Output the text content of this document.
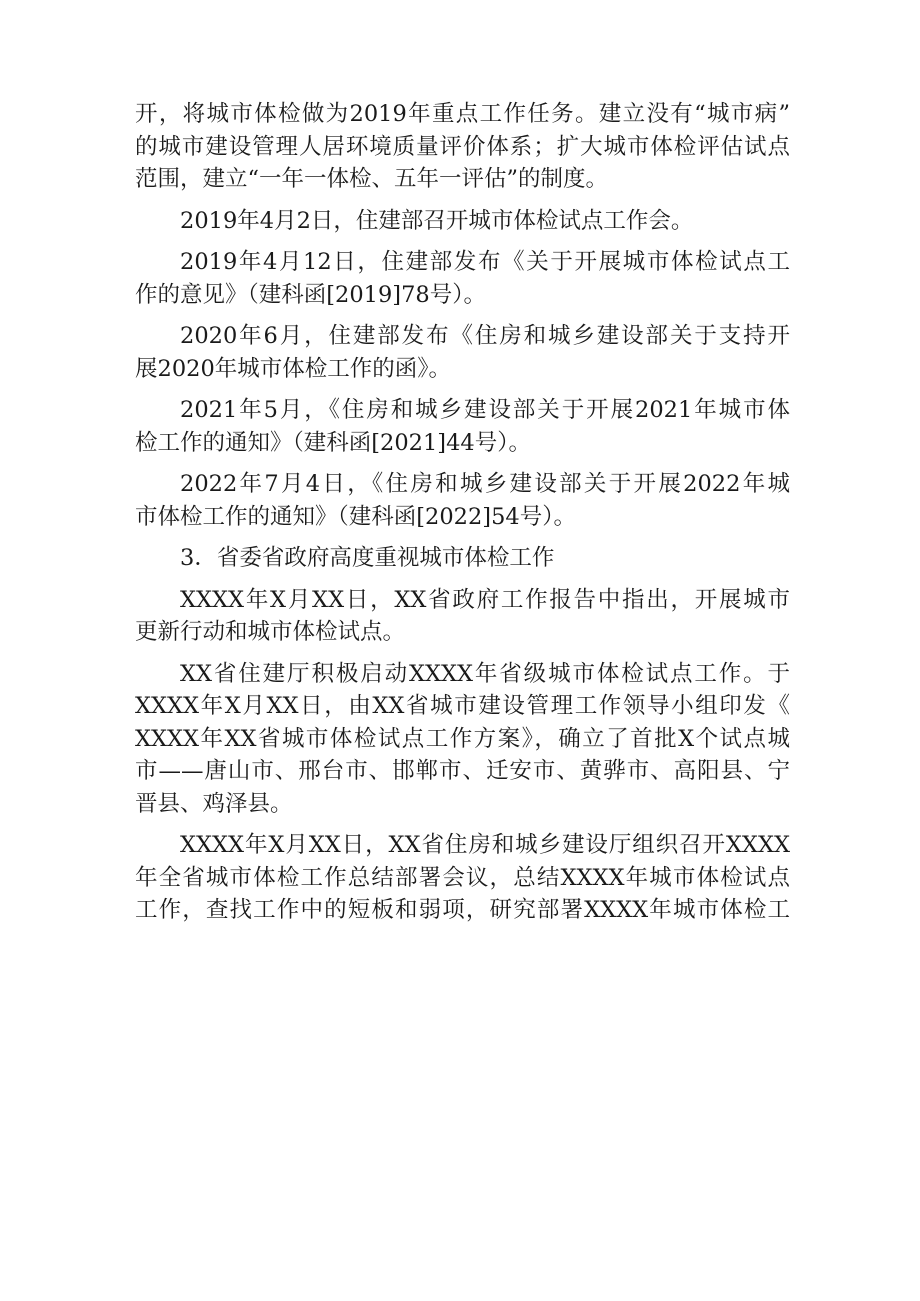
开，将城市体检做为2019年重点工作任务。建立没有“城市病”
的城市建设管理人居环境质量评价体系；扩大城市体检评估试点
范围，建立“一年一体检、五年一评估”的制度。

2019年4月2日，住建部召开城市体检试点工作会。

2019年4月12日，住建部发布《关于开展城市体检试点工
作的意见》（建科函[2019]78号）。

2020年6月，住建部发布《住房和城乡建设部关于支持开
展2020年城市体检工作的函》。

2021年5月，《住房和城乡建设部关于开展2021年城市体
检工作的通知》（建科函[2021]44号）。

2022年7月4日，《住房和城乡建设部关于开展2022年城
市体检工作的通知》（建科函[2022]54号）。

3．省委省政府高度重视城市体检工作

XXXX年X月XX日，XX省政府工作报告中指出，开展城市
更新行动和城市体检试点。

XX省住建厅积极启动XXXX年省级城市体检试点工作。于
XXXX年X月XX日，由XX省城市建设管理工作领导小组印发《
XXXX年XX省城市体检试点工作方案》，确立了首批X个试点城
市——唐山市、邢台市、邯郸市、迁安市、黄骅市、高阳县、宁
晋县、鸡泽县。

XXXX年X月XX日，XX省住房和城乡建设厅组织召开XXXX
年全省城市体检工作总结部署会议，总结XXXX年城市体检试点
工作，查找工作中的短板和弱项，研究部署XXXX年城市体检工
